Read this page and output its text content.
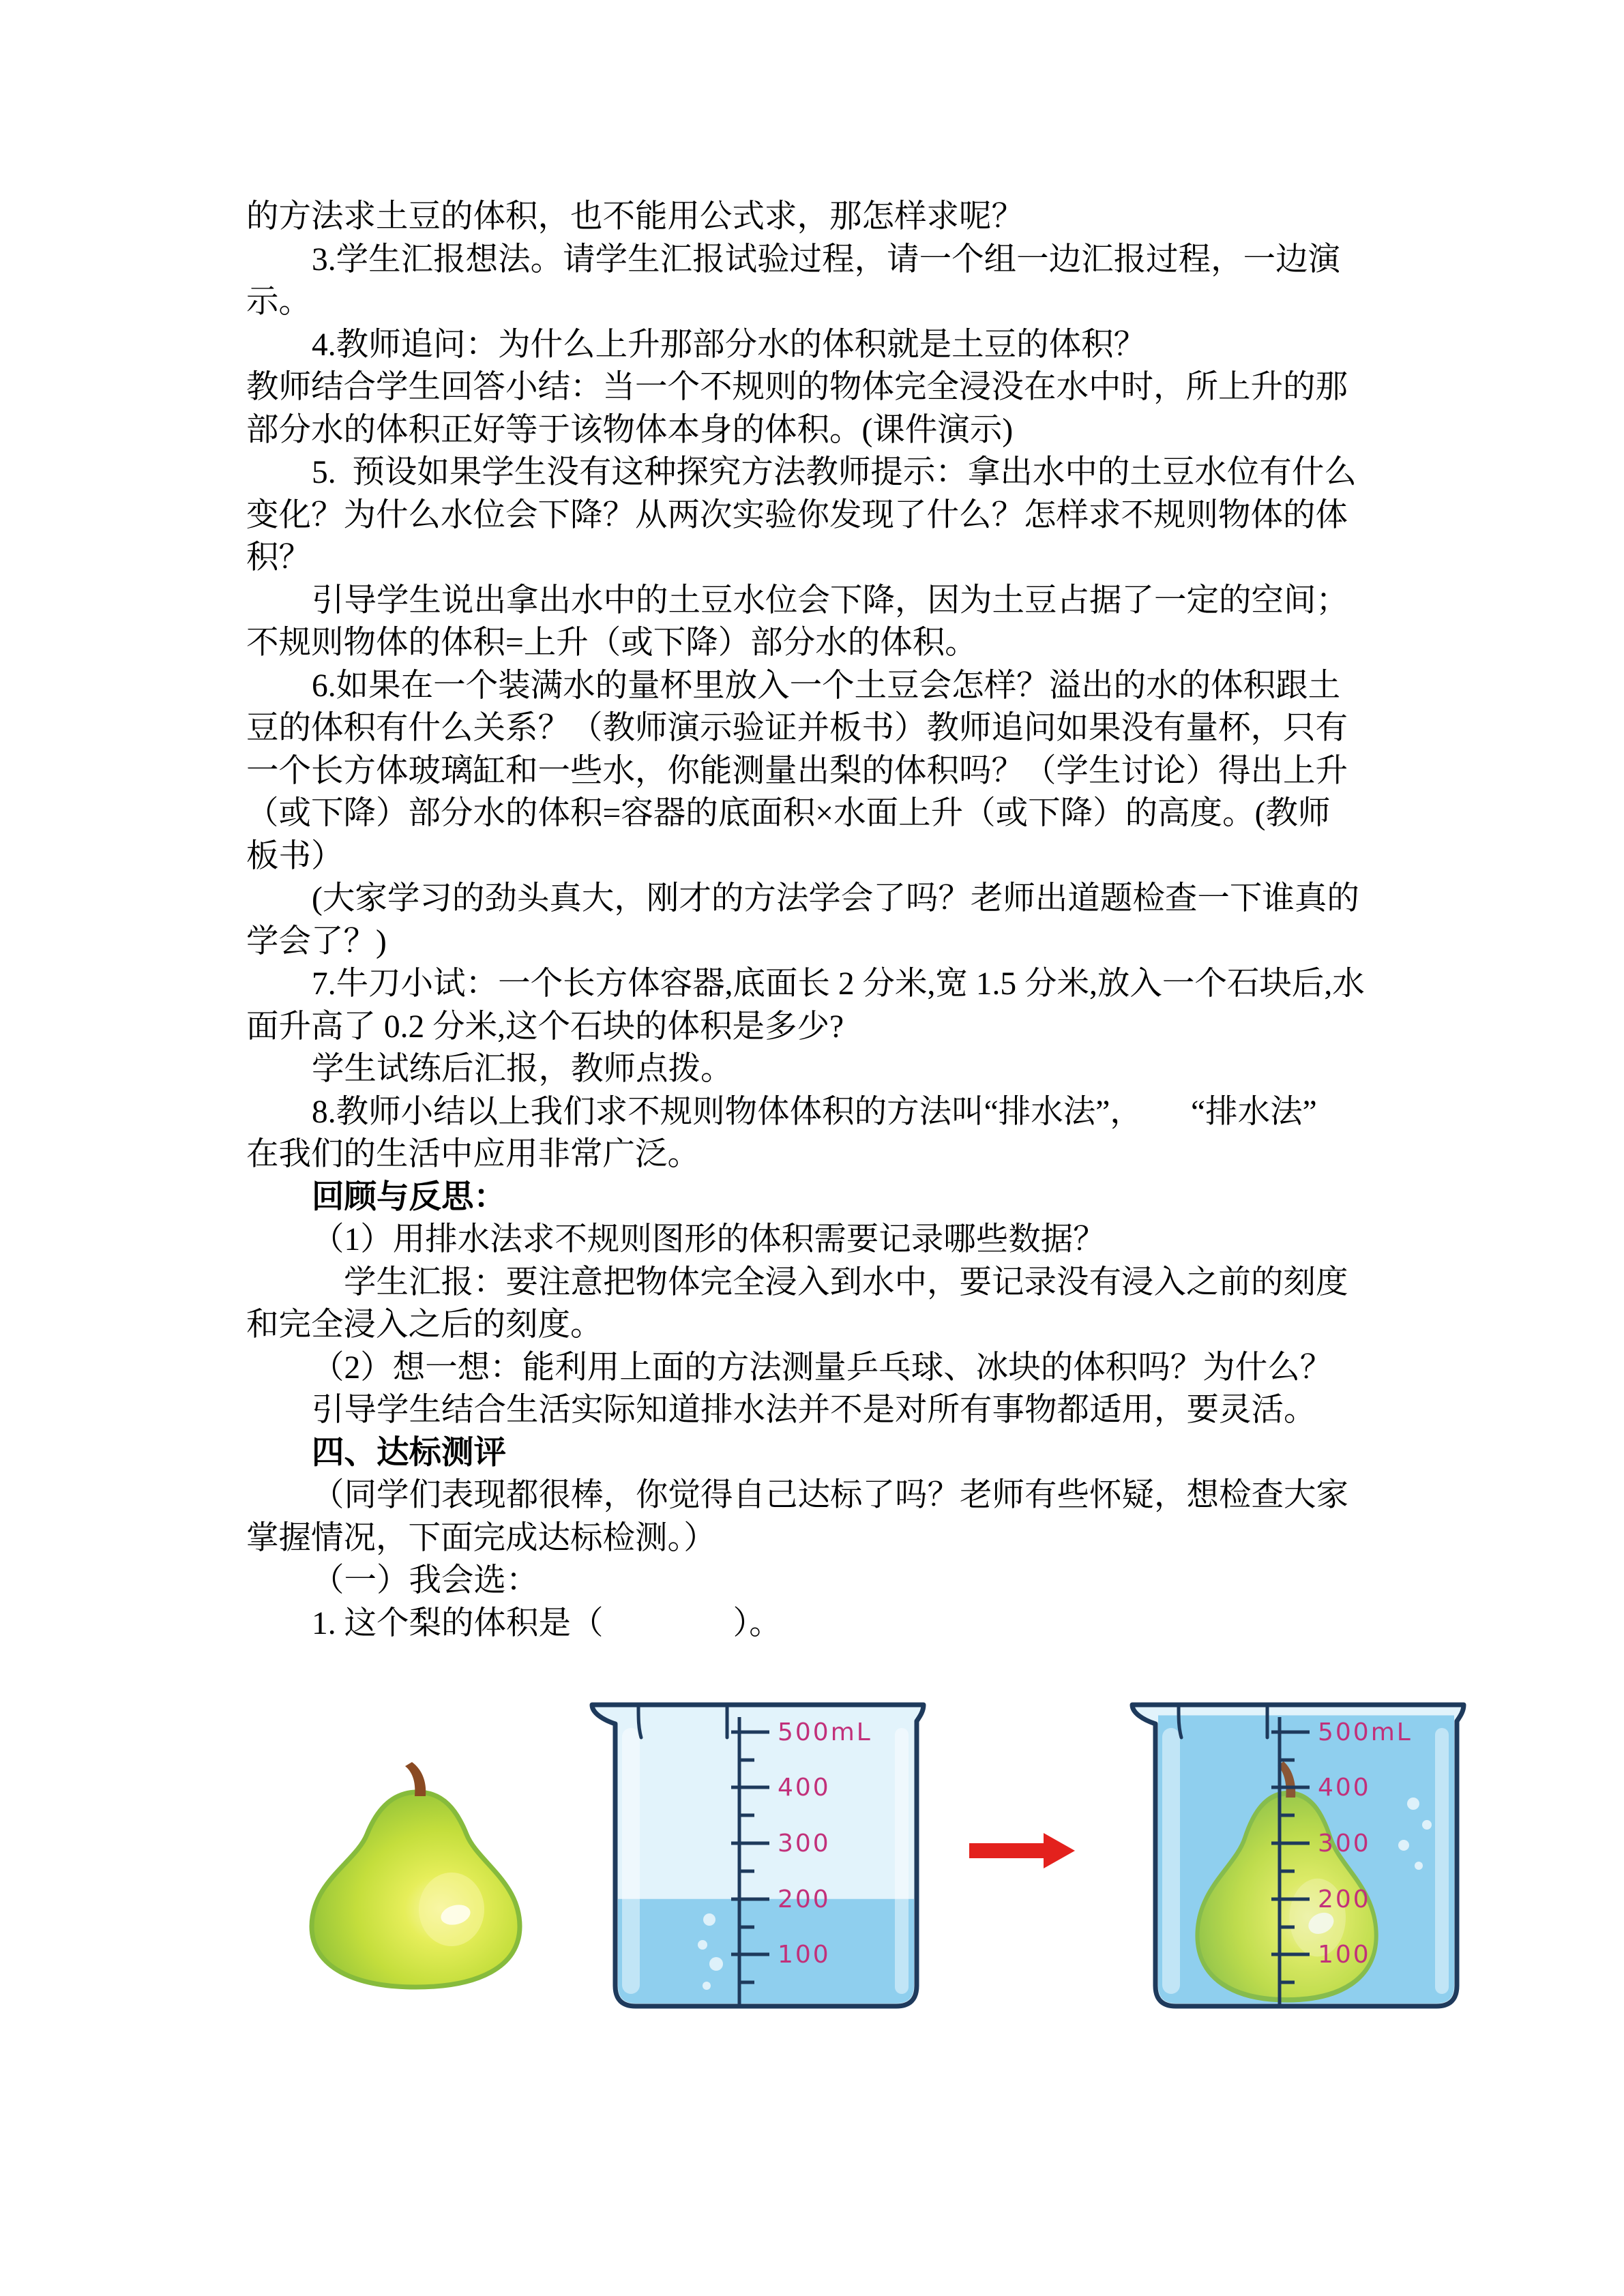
的方法求土豆的体积，也不能用公式求，那怎样求呢？
3.学生汇报想法。请学生汇报试验过程，请一个组一边汇报过程，一边演
示。
4.教师追问：为什么上升那部分水的体积就是土豆的体积？
教师结合学生回答小结：当一个不规则的物体完全浸没在水中时，所上升的那
部分水的体积正好等于该物体本身的体积。(课件演示)
5.  预设如果学生没有这种探究方法教师提示：拿出水中的土豆水位有什么
变化？为什么水位会下降？从两次实验你发现了什么？怎样求不规则物体的体
积？
引导学生说出拿出水中的土豆水位会下降，因为土豆占据了一定的空间；
不规则物体的体积=上升（或下降）部分水的体积。
6.如果在一个装满水的量杯里放入一个土豆会怎样？溢出的水的体积跟土
豆的体积有什么关系？（教师演示验证并板书）教师追问如果没有量杯，只有
一个长方体玻璃缸和一些水，你能测量出梨的体积吗？（学生讨论）得出上升
（或下降）部分水的体积=容器的底面积×水面上升（或下降）的高度。(教师
板书）
(大家学习的劲头真大，刚才的方法学会了吗？老师出道题检查一下谁真的
学会了？)
7.牛刀小试：一个长方体容器,底面长 2 分米,宽 1.5 分米,放入一个石块后,水
面升高了 0.2 分米,这个石块的体积是多少?
学生试练后汇报，教师点拨。
8.教师小结以上我们求不规则物体体积的方法叫“排水法”，　　“排水法”
在我们的生活中应用非常广泛。
回顾与反思：
（1）用排水法求不规则图形的体积需要记录哪些数据？
学生汇报：要注意把物体完全浸入到水中，要记录没有浸入之前的刻度
和完全浸入之后的刻度。
（2）想一想：能利用上面的方法测量乒乓球、冰块的体积吗？为什么？
引导学生结合生活实际知道排水法并不是对所有事物都适用，要灵活。
四、达标测评
（同学们表现都很棒，你觉得自己达标了吗？老师有些怀疑，想检查大家
掌握情况，下面完成达标检测。）
（一）我会选：
1. 这个梨的体积是（　　　　）。
500mL
400
300
200
100
500mL
400
300
200
100
